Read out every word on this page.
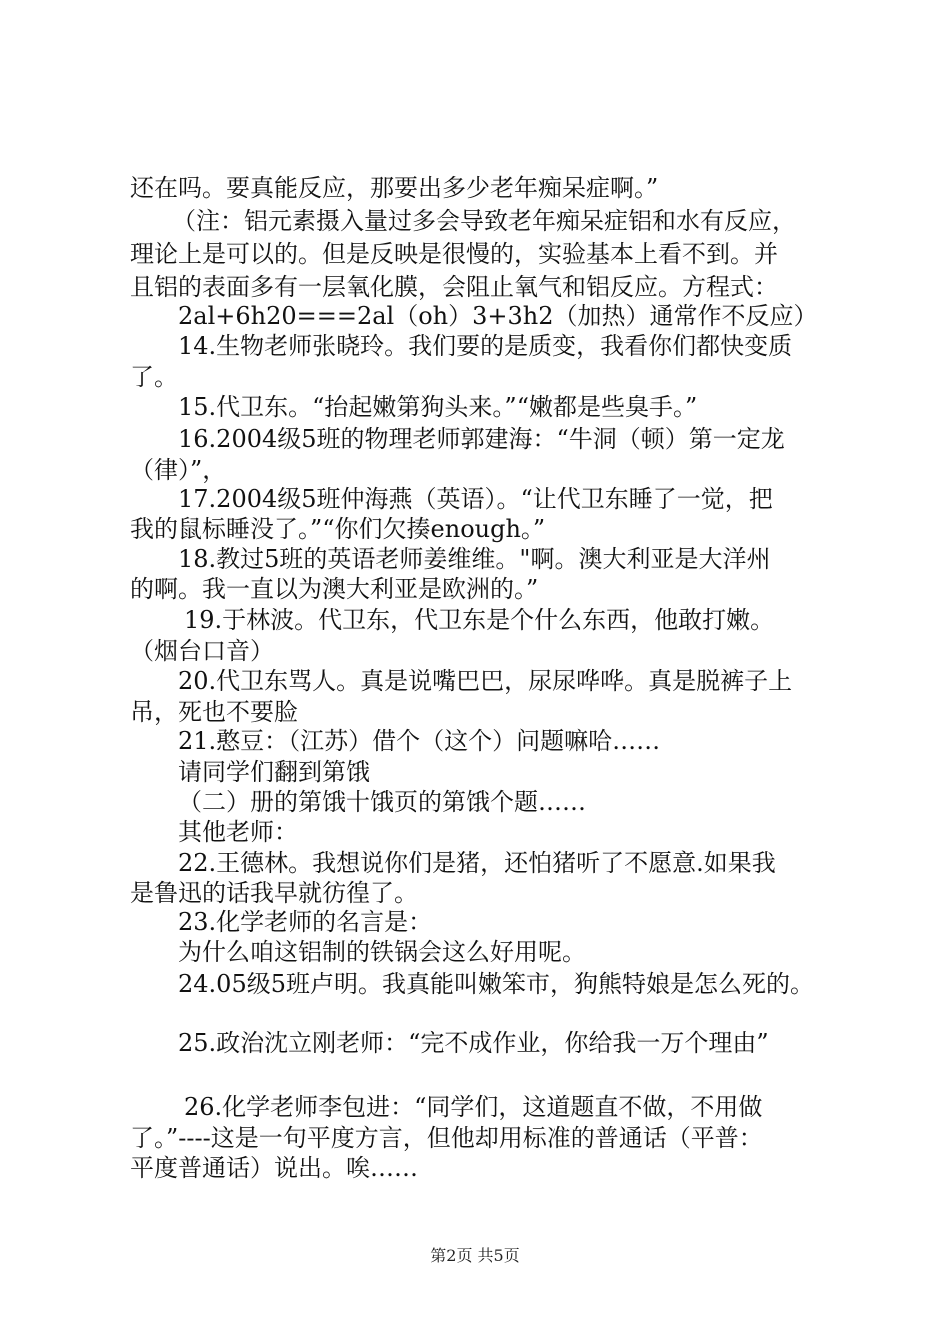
还在吗。要真能反应，那要出多少老年痴呆症啊。”
（注：铝元素摄入量过多会导致老年痴呆症铝和水有反应，
理论上是可以的。但是反映是很慢的，实验基本上看不到。并
且铝的表面多有一层氧化膜，会阻止氧气和铝反应。方程式：
2al+6h20===2al（oh）3+3h2（加热）通常作不反应）
14.生物老师张晓玲。我们要的是质变，我看你们都快变质
了。
15.代卫东。“抬起嫩第狗头来。”“嫩都是些臭手。”
16.2004级5班的物理老师郭建海：“牛洞（顿）第一定龙
（律）”，
17.2004级5班仲海燕（英语）。“让代卫东睡了一觉，把
我的鼠标睡没了。”“你们欠揍enough。”
18.教过5班的英语老师姜维维。"啊。澳大利亚是大洋州
的啊。我一直以为澳大利亚是欧洲的。”
19.于林波。代卫东，代卫东是个什么东西，他敢打嫩。
（烟台口音）
20.代卫东骂人。真是说嘴巴巴，尿尿哗哗。真是脱裤子上
吊，死也不要脸
21.憨豆：（江苏）借个（这个）问题嘛哈……
请同学们翻到第饿
（二）册的第饿十饿页的第饿个题……
其他老师：
22.王德林。我想说你们是猪，还怕猪听了不愿意.如果我
是鲁迅的话我早就彷徨了。
23.化学老师的名言是：
为什么咱这铝制的铁锅会这么好用呢。
24.05级5班卢明。我真能叫嫩笨市，狗熊特娘是怎么死的。
25.政治沈立刚老师：“完不成作业，你给我一万个理由”
26.化学老师李包进：“同学们，这道题直不做，不用做
了。”----这是一句平度方言，但他却用标准的普通话（平普：
平度普通话）说出。唉……
第2页 共5页
